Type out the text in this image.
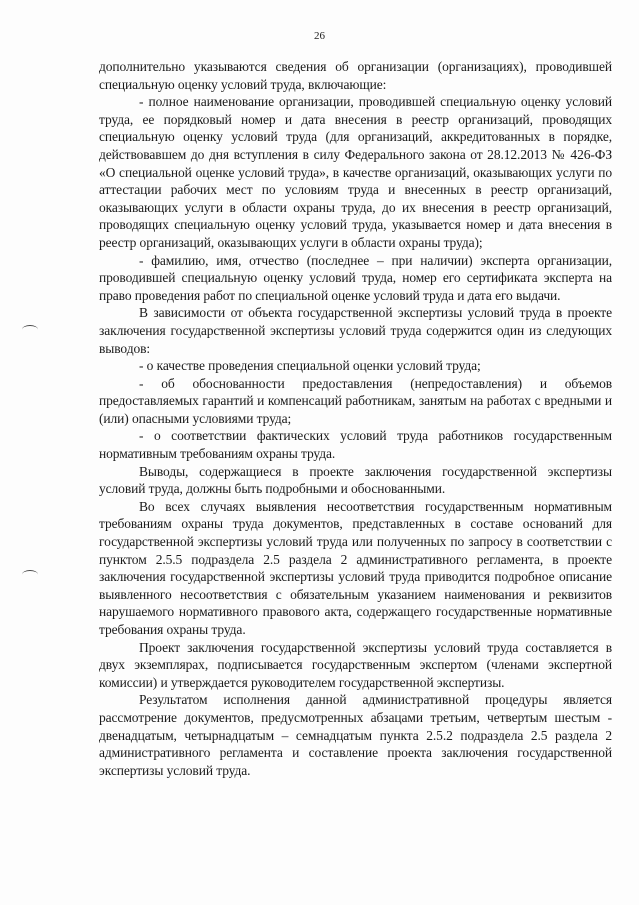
26

дополнительно указываются сведения об организации (организациях), проводившей специальную оценку условий труда, включающие:

- полное наименование организации, проводившей специальную оценку условий труда, ее порядковый номер и дата внесения в реестр организаций, проводящих специальную оценку условий труда (для организаций, аккредитованных в порядке, действовавшем до дня вступления в силу Федерального закона от 28.12.2013 № 426-ФЗ «О специальной оценке условий труда», в качестве организаций, оказывающих услуги по аттестации рабочих мест по условиям труда и внесенных в реестр организаций, оказывающих услуги в области охраны труда, до их внесения в реестр организаций, проводящих специальную оценку условий труда, указывается номер и дата внесения в реестр организаций, оказывающих услуги в области охраны труда);

- фамилию, имя, отчество (последнее – при наличии) эксперта организации, проводившей специальную оценку условий труда, номер его сертификата эксперта на право проведения работ по специальной оценке условий труда и дата его выдачи.

В зависимости от объекта государственной экспертизы условий труда в проекте заключения государственной экспертизы условий труда содержится один из следующих выводов:

- о качестве проведения специальной оценки условий труда;

- об обоснованности предоставления (непредоставления) и объемов предоставляемых гарантий и компенсаций работникам, занятым на работах с вредными и (или) опасными условиями труда;

- о соответствии фактических условий труда работников государственным нормативным требованиям охраны труда.

Выводы, содержащиеся в проекте заключения государственной экспертизы условий труда, должны быть подробными и обоснованными.

Во всех случаях выявления несоответствия государственным нормативным требованиям охраны труда документов, представленных в составе оснований для государственной экспертизы условий труда или полученных по запросу в соответствии с пунктом 2.5.5 подраздела 2.5 раздела 2 административного регламента, в проекте заключения государственной экспертизы условий труда приводится подробное описание выявленного несоответствия с обязательным указанием наименования и реквизитов нарушаемого нормативного правового акта, содержащего государственные нормативные требования охраны труда.

Проект заключения государственной экспертизы условий труда составляется в двух экземплярах, подписывается государственным экспертом (членами экспертной комиссии) и утверждается руководителем государственной экспертизы.

Результатом исполнения данной административной процедуры является рассмотрение документов, предусмотренных абзацами третьим, четвертым шестым - двенадцатым, четырнадцатым – семнадцатым пункта 2.5.2 подраздела 2.5 раздела 2 административного регламента и составление проекта заключения государственной экспертизы условий труда.
